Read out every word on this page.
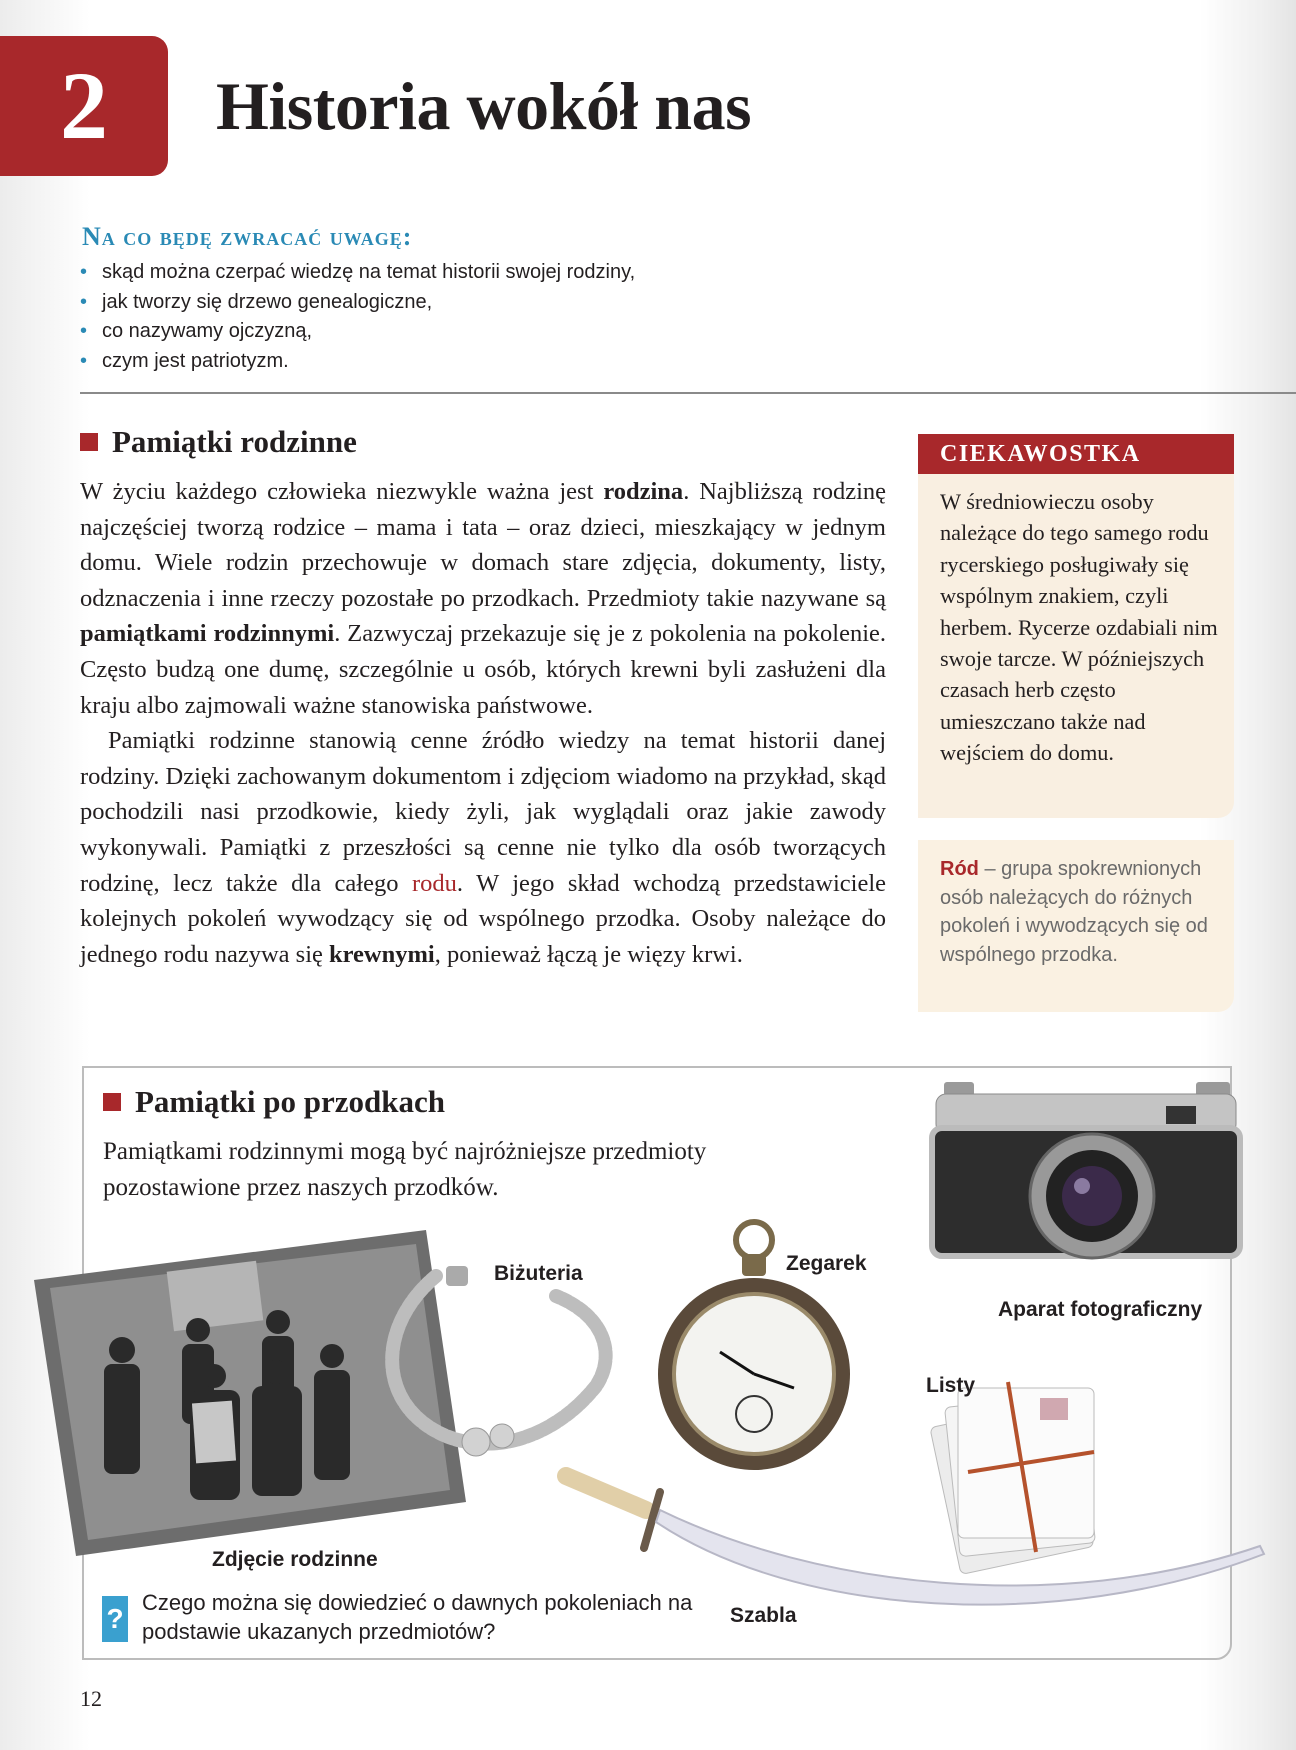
2	Historia wokół nas
Na co będę zwracać uwagę:
• skąd można czerpać wiedzę na temat historii swojej rodziny,
• jak tworzy się drzewo genealogiczne,
• co nazywamy ojczyzną,
• czym jest patriotyzm.
Pamiątki rodzinne

W życiu każdego człowieka niezwykle ważna jest rodzina. Najbliższą rodzinę najczęściej tworzą rodzice – mama i tata – oraz dzieci, mieszkający w jednym domu. Wiele rodzin przechowuje w domach stare zdjęcia, dokumenty, listy, odznaczenia i inne rzeczy pozostałe po przodkach. Przedmioty takie nazywane są pamiątkami rodzinnymi. Zazwyczaj przekazuje się je z pokolenia na pokolenie. Często budzą one dumę, szczególnie u osób, których krewni byli zasłużeni dla kraju albo zajmowali ważne stanowiska państwowe.

Pamiątki rodzinne stanowią cenne źródło wiedzy na temat historii danej rodziny. Dzięki zachowanym dokumentom i zdjęciom wiadomo na przykład, skąd pochodzili nasi przodkowie, kiedy żyli, jak wyglądali oraz jakie zawody wykonywali. Pamiątki z przeszłości są cenne nie tylko dla osób tworzących rodzinę, lecz także dla całego rodu. W jego skład wchodzą przedstawiciele kolejnych pokoleń wywodzący się od wspólnego przodka. Osoby należące do jednego rodu nazywa się krewnymi, ponieważ łączą je więzy krwi.

CIEKAWOSTKA

W średniowieczu osoby należące do tego samego rodu rycerskiego posługiwały się wspólnym znakiem, czyli herbem. Rycerze ozdabiali nim swoje tarcze. W późniejszych czasach herb często umieszczano także nad wejściem do domu.

Ród – grupa spokrewnionych osób należących do różnych pokoleń i wywodzących się od wspólnego przodka.

Pamiątki po przodkach

Pamiątkami rodzinnymi mogą być najróżniejsze przedmioty pozostawione przez naszych przodków.

Aparat fotograficzny
Zdjęcie rodzinne
Biżuteria	Zegarek
Listy
Szabla
?

Czego można się dowiedzieć o dawnych pokoleniach na podstawie ukazanych przedmiotów?

12
